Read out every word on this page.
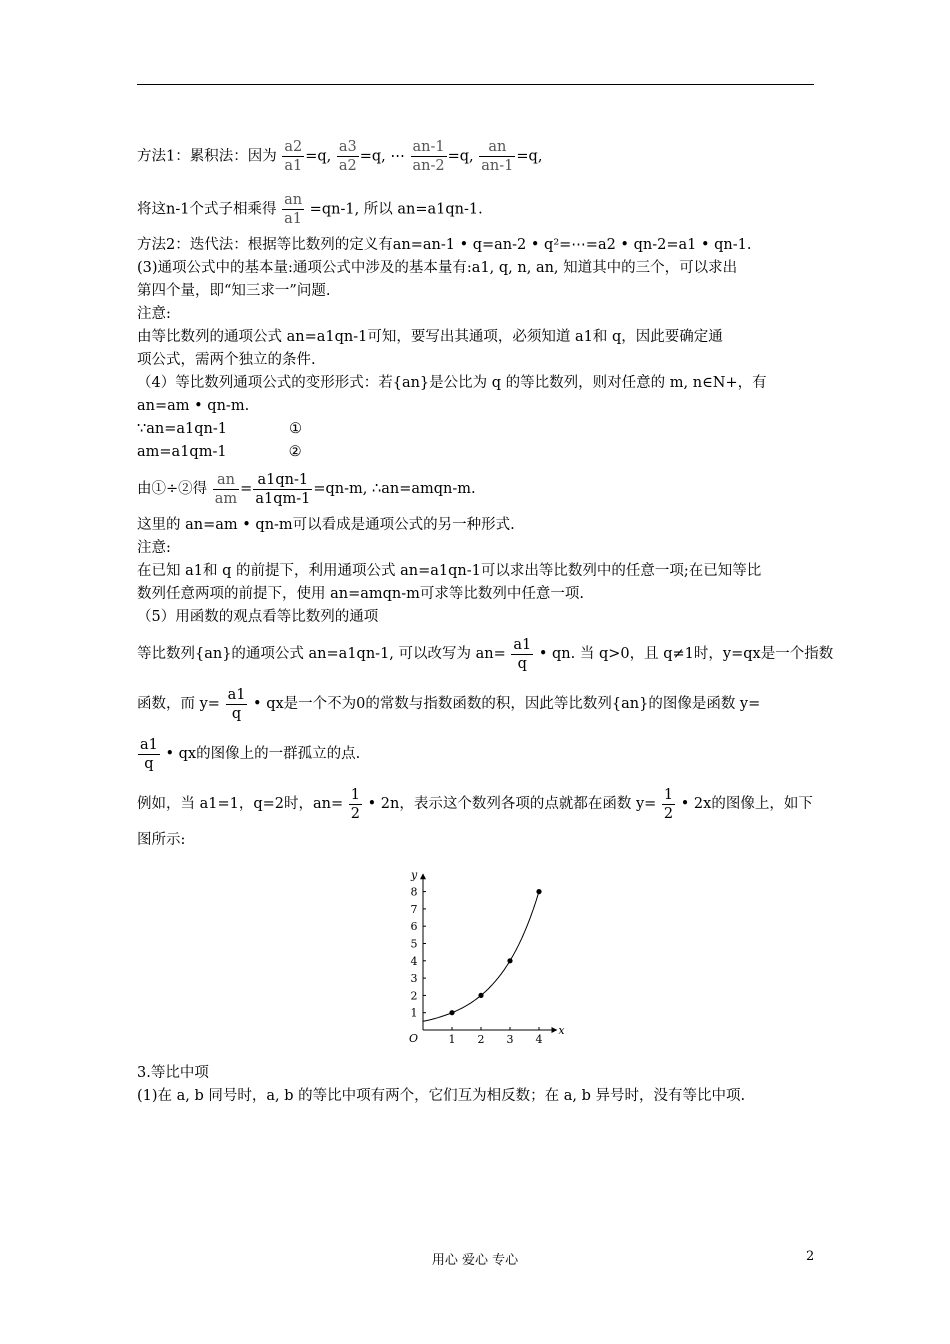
方法1：累积法：因为 $\frac{a2}{a1} =q$, $\frac{a3}{a2} =q$, ⋯ $\frac{an-1}{an-2} =q$, $\frac{an}{an-1} =q$,
将这n-1个式子相乘得 $\frac{an}{a1} =qn-1$, 所以 an=a1qn-1.
方法2：迭代法：根据等比数列的定义有an=an-1 • q=an-2 • q²=⋯=a2 • qn-2=a1 • qn-1.
(3)通项公式中的基本量:通项公式中涉及的基本量有:a1, q, n, an, 知道其中的三个，可以求出
第四个量，即“知三求一”问题.
注意:
由等比数列的通项公式 an=a1qn-1可知，要写出其通项，必须知道 a1和 q，因此要确定通
项公式，需两个独立的条件.
（4）等比数列通项公式的变形形式：若{an}是公比为 q 的等比数列，则对任意的 m, n∈N+，有
an=am • qn-m.
∵an=a1qn-1	①
am=a1qm-1	②
由①÷②得 $\frac{an}{am} = \frac{a1qn-1}{a1qm-1} =qn-m$, ∴an=amqn-m.
这里的 an=am • qn-m可以看成是通项公式的另一种形式.
注意:
在已知 a1和 q 的前提下，利用通项公式 an=a1qn-1可以求出等比数列中的任意一项;在已知等比
数列任意两项的前提下，使用 an=amqn-m可求等比数列中任意一项.
（5）用函数的观点看等比数列的通项
等比数列{an}的通项公式 an=a1qn-1, 可以改写为 $an= \frac{a1}{q}$ • qn. 当 q>0，且 q≠1时，y=qx是一个指数
函数，而 $y= \frac{a1}{q}$ • qx是一个不为0的常数与指数函数的积，因此等比数列{an}的图像是函数 y=
$\frac{a1}{q}$ • qx的图像上的一群孤立的点.
例如，当 a1=1，q=2时，$an= \frac{1}{2}$ • 2n，表示这个数列各项的点就都在函数 $y= \frac{1}{2}$ • 2x的图像上，如下
图所示:
x
y
O	1 2 3 4
1
2
3
4
5
6
7
8
3.等比中项
(1)在 a, b 同号时，a, b 的等比中项有两个，它们互为相反数；在 a, b 异号时，没有等比中项.
用心 爱心 专心	2
